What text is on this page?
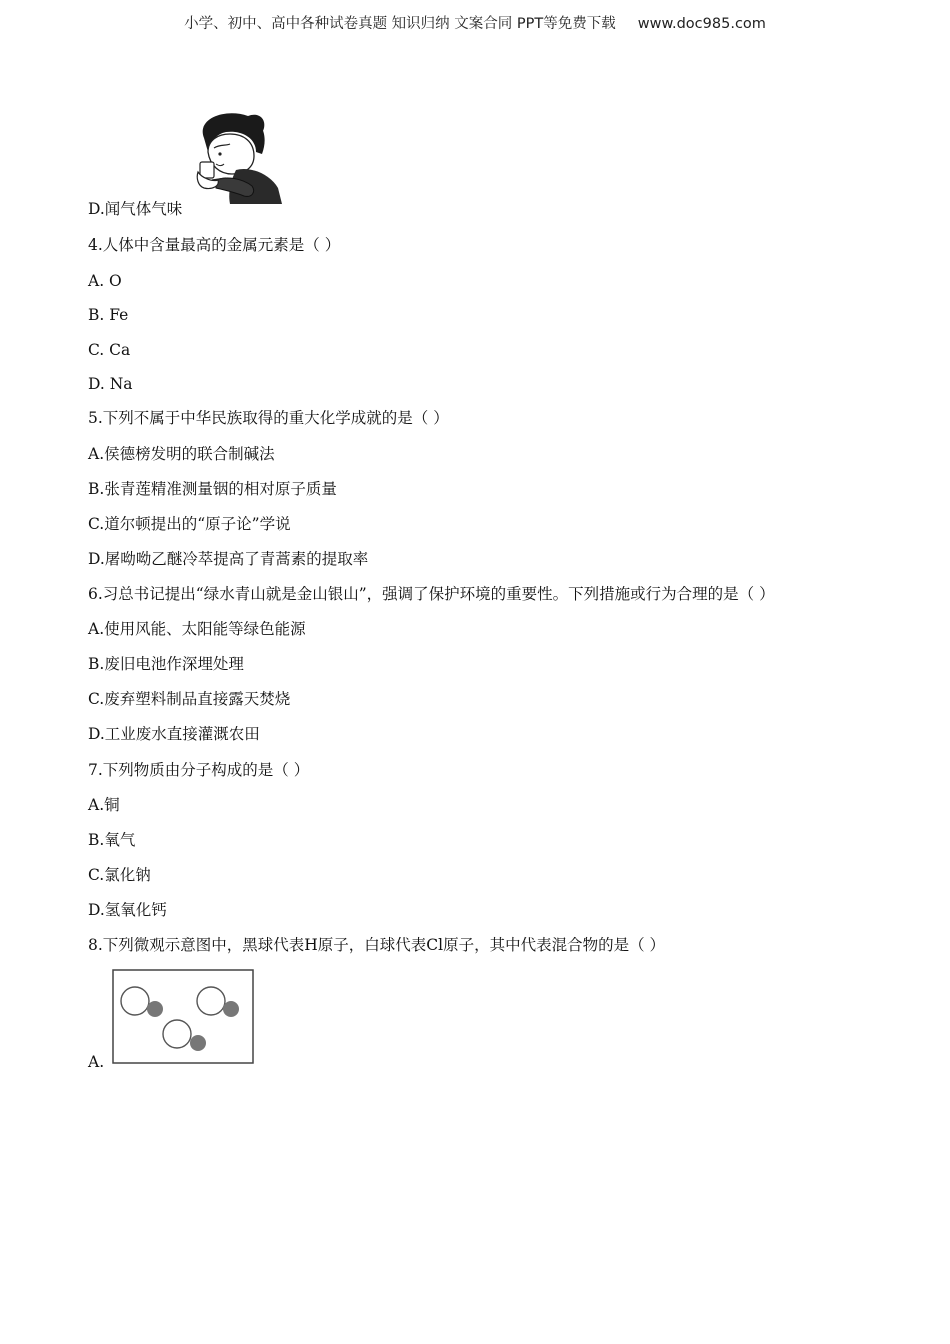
小学、初中、高中各种试卷真题 知识归纳 文案合同 PPT等免费下载 www.doc985.com
D.闻气体气味
4.人体中含量最高的金属元素是（ ）
A. O
B. Fe
C. Ca
D. Na
5.下列不属于中华民族取得的重大化学成就的是（ ）
A.侯德榜发明的联合制碱法
B.张青莲精准测量铟的相对原子质量
C.道尔顿提出的“原子论”学说
D.屠呦呦乙醚冷萃提高了青蒿素的提取率
6.习总书记提出“绿水青山就是金山银山”，强调了保护环境的重要性。下列措施或行为合理的是（ ）
A.使用风能、太阳能等绿色能源
B.废旧电池作深埋处理
C.废弃塑料制品直接露天焚烧
D.工业废水直接灌溉农田
7.下列物质由分子构成的是（ ）
A.铜
B.氧气
C.氯化钠
D.氢氧化钙
8.下列微观示意图中，黑球代表H原子，白球代表Cl原子，其中代表混合物的是（ ）
A.
